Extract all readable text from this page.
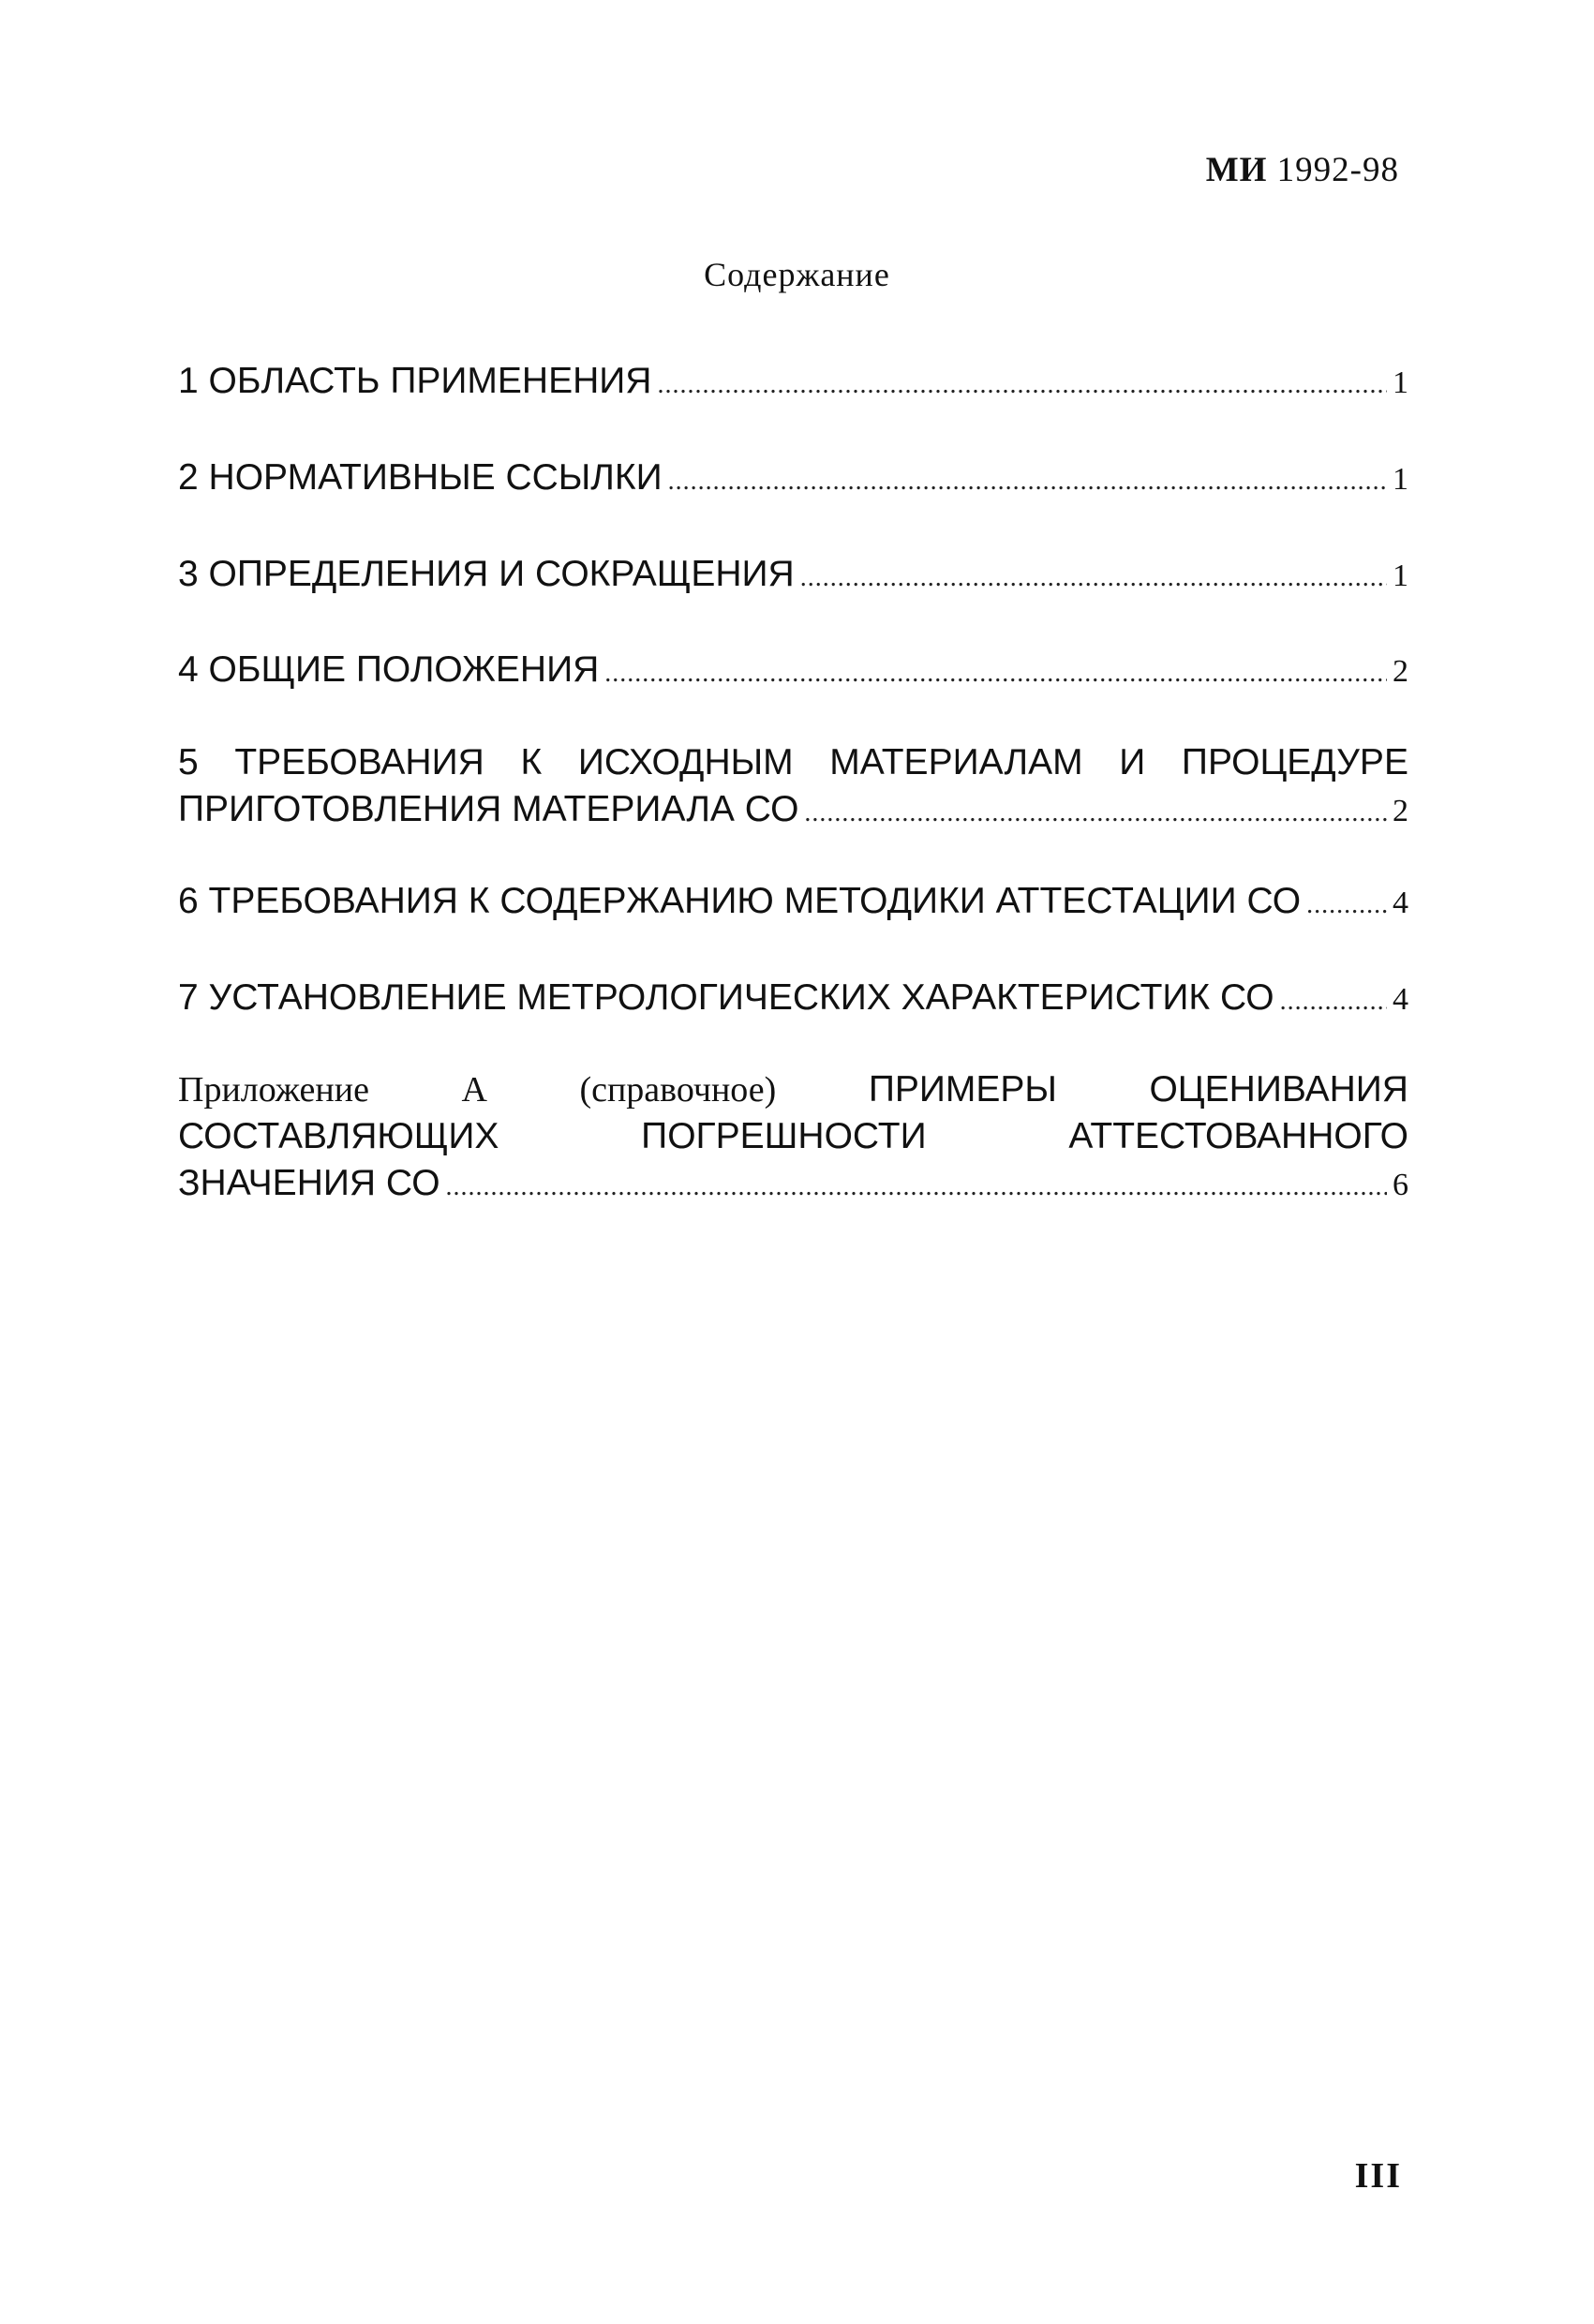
МИ 1992-98
Содержание
1 ОБЛАСТЬ ПРИМЕНЕНИЯ .....	1
2 НОРМАТИВНЫЕ ССЫЛКИ .....	1
3 ОПРЕДЕЛЕНИЯ И СОКРАЩЕНИЯ .....	1
4 ОБЩИЕ ПОЛОЖЕНИЯ .....	2
5 ТРЕБОВАНИЯ К ИСХОДНЫМ МАТЕРИАЛАМ И ПРОЦЕДУРЕ
ПРИГОТОВЛЕНИЯ МАТЕРИАЛА СО .....	2
6 ТРЕБОВАНИЯ К СОДЕРЖАНИЮ МЕТОДИКИ АТТЕСТАЦИИ СО .....	4
7 УСТАНОВЛЕНИЕ МЕТРОЛОГИЧЕСКИХ ХАРАКТЕРИСТИК СО .....	4
Приложение	А	(справочное)	ПРИМЕРЫ	ОЦЕНИВАНИЯ
СОСТАВЛЯЮЩИХ	ПОГРЕШНОСТИ	АТТЕСТОВАННОГО
ЗНАЧЕНИЯ СО .....	6
III
